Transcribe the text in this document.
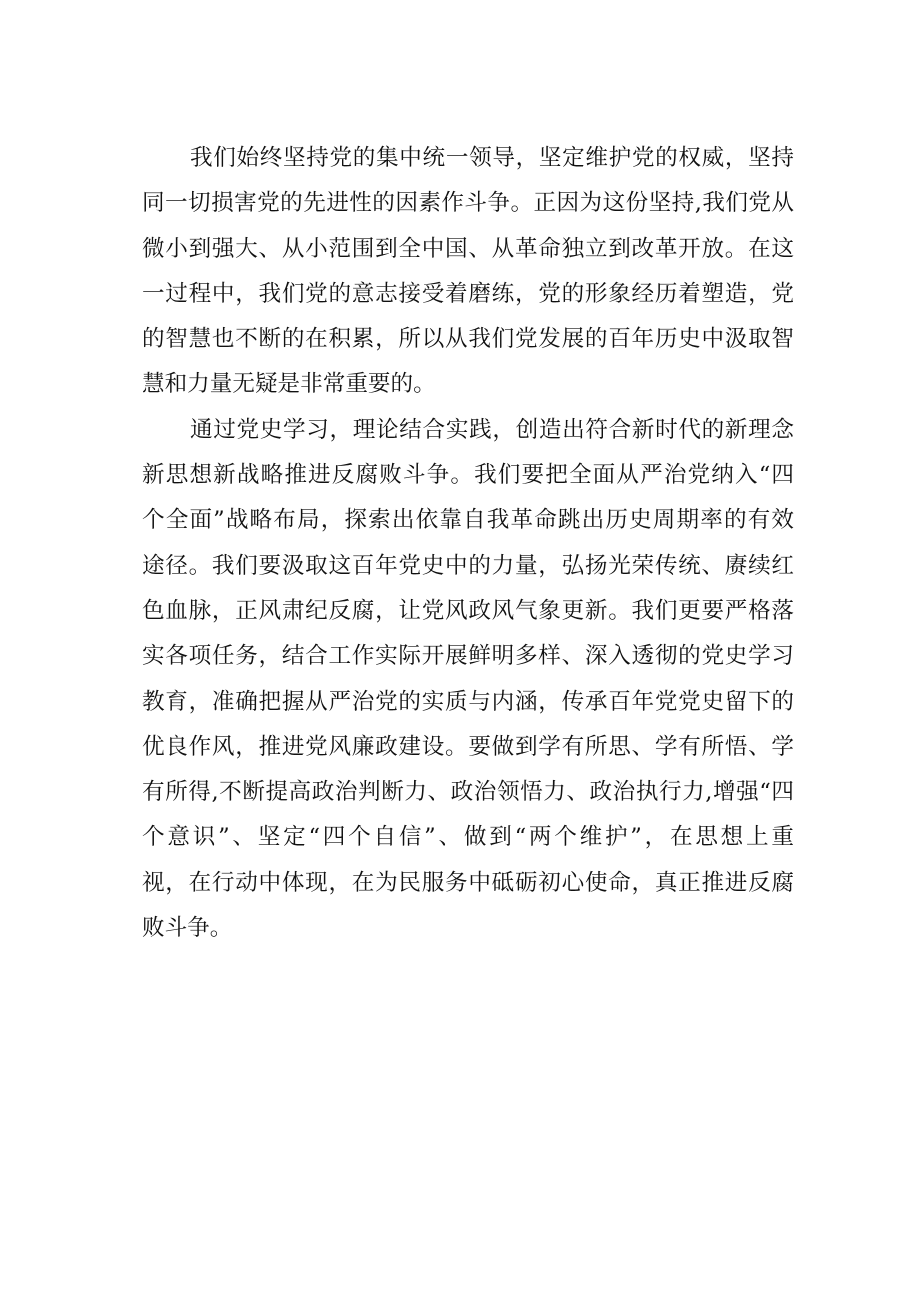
我们始终坚持党的集中统一领导，坚定维护党的权威，坚持
同一切损害党的先进性的因素作斗争。正因为这份坚持,我们党从
微小到强大、从小范围到全中国、从革命独立到改革开放。在这
一过程中，我们党的意志接受着磨练，党的形象经历着塑造，党
的智慧也不断的在积累，所以从我们党发展的百年历史中汲取智
慧和力量无疑是非常重要的。
通过党史学习，理论结合实践，创造出符合新时代的新理念
新思想新战略推进反腐败斗争。我们要把全面从严治党纳入“四
个全面”战略布局，探索出依靠自我革命跳出历史周期率的有效
途径。我们要汲取这百年党史中的力量，弘扬光荣传统、赓续红
色血脉，正风肃纪反腐，让党风政风气象更新。我们更要严格落
实各项任务，结合工作实际开展鲜明多样、深入透彻的党史学习
教育，准确把握从严治党的实质与内涵，传承百年党党史留下的
优良作风，推进党风廉政建设。要做到学有所思、学有所悟、学
有所得,不断提高政治判断力、政治领悟力、政治执行力,增强“四
个意识”、坚定“四个自信”、做到“两个维护”，在思想上重
视，在行动中体现，在为民服务中砥砺初心使命，真正推进反腐
败斗争。
